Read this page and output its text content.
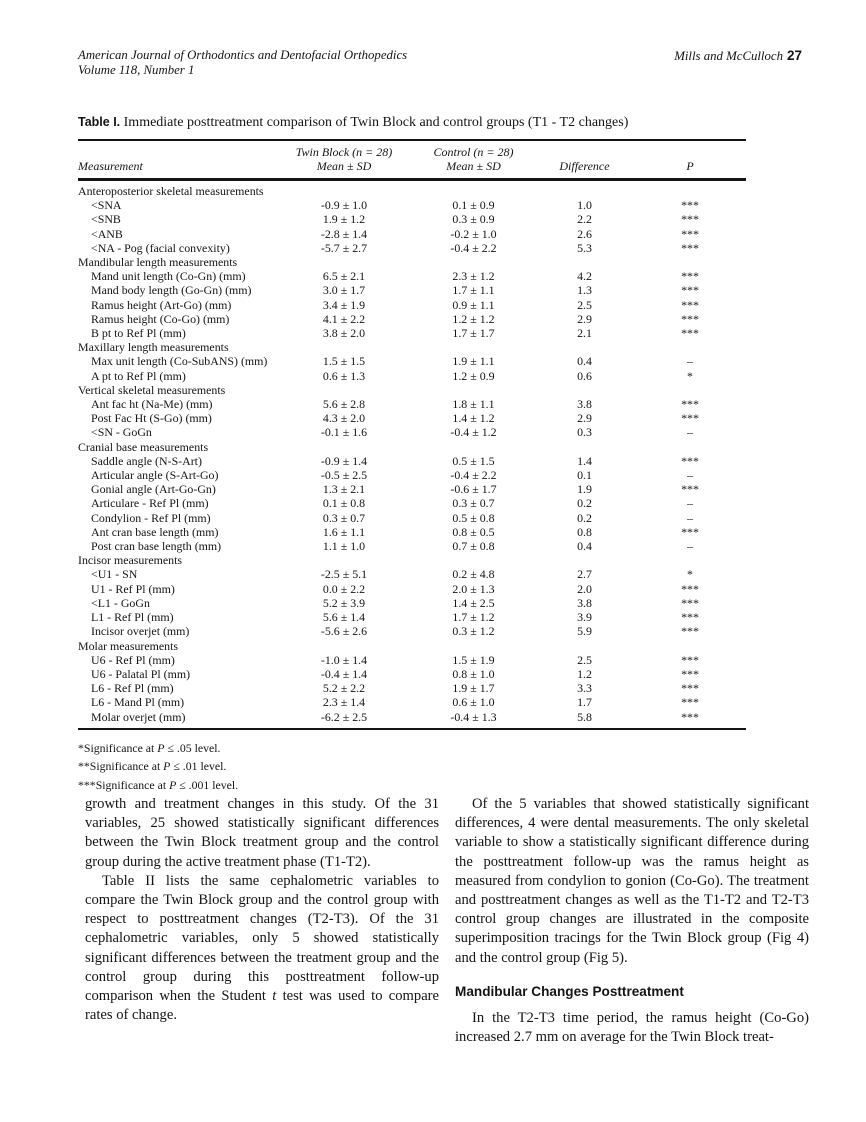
American Journal of Orthodontics and Dentofacial Orthopedics
Volume 118, Number 1
Mills and McCulloch 27
Table I. Immediate posttreatment comparison of Twin Block and control groups (T1 - T2 changes)
Measurement
Twin Block (n = 28)
Mean ± SD
Control (n = 28)
Mean ± SD	Difference	P
Anteroposterior skeletal measurements
<SNA	-0.9 ± 1.0	0.1 ± 0.9	1.0	***
<SNB	1.9 ± 1.2	0.3 ± 0.9	2.2	***
<ANB	-2.8 ± 1.4	-0.2 ± 1.0	2.6	***
<NA - Pog (facial convexity)	-5.7 ± 2.7	-0.4 ± 2.2	5.3	***
Mandibular length measurements
Mand unit length (Co-Gn) (mm)	6.5 ± 2.1	2.3 ± 1.2	4.2	***
Mand body length (Go-Gn) (mm)	3.0 ± 1.7	1.7 ± 1.1	1.3	***
Ramus height (Art-Go) (mm)	3.4 ± 1.9	0.9 ± 1.1	2.5	***
Ramus height (Co-Go) (mm)	4.1 ± 2.2	1.2 ± 1.2	2.9	***
B pt to Ref Pl (mm)	3.8 ± 2.0	1.7 ± 1.7	2.1	***
Maxillary length measurements
Max unit length (Co-SubANS) (mm)	1.5 ± 1.5	1.9 ± 1.1	0.4	–
A pt to Ref Pl (mm)	0.6 ± 1.3	1.2 ± 0.9	0.6	*
Vertical skeletal measurements
Ant fac ht (Na-Me) (mm)	5.6 ± 2.8	1.8 ± 1.1	3.8	***
Post Fac Ht (S-Go) (mm)	4.3 ± 2.0	1.4 ± 1.2	2.9	***
<SN - GoGn	-0.1 ± 1.6	-0.4 ± 1.2	0.3	–
Cranial base measurements
Saddle angle (N-S-Art)	-0.9 ± 1.4	0.5 ± 1.5	1.4	***
Articular angle (S-Art-Go)	-0.5 ± 2.5	-0.4 ± 2.2	0.1	–
Gonial angle (Art-Go-Gn)	1.3 ± 2.1	-0.6 ± 1.7	1.9	***
Articulare - Ref Pl (mm)	0.1 ± 0.8	0.3 ± 0.7	0.2	–
Condylion - Ref Pl (mm)	0.3 ± 0.7	0.5 ± 0.8	0.2	–
Ant cran base length (mm)	1.6 ± 1.1	0.8 ± 0.5	0.8	***
Post cran base length (mm)	1.1 ± 1.0	0.7 ± 0.8	0.4	–
Incisor measurements
<U1 - SN	-2.5 ± 5.1	0.2 ± 4.8	2.7	*
U1 - Ref Pl (mm)	0.0 ± 2.2	2.0 ± 1.3	2.0	***
<L1 - GoGn	5.2 ± 3.9	1.4 ± 2.5	3.8	***
L1 - Ref Pl (mm)	5.6 ± 1.4	1.7 ± 1.2	3.9	***
Incisor overjet (mm)	-5.6 ± 2.6	0.3 ± 1.2	5.9	***
Molar measurements
U6 - Ref Pl (mm)	-1.0 ± 1.4	1.5 ± 1.9	2.5	***
U6 - Palatal Pl (mm)	-0.4 ± 1.4	0.8 ± 1.0	1.2	***
L6 - Ref Pl (mm)	5.2 ± 2.2	1.9 ± 1.7	3.3	***
L6 - Mand Pl (mm)	2.3 ± 1.4	0.6 ± 1.0	1.7	***
Molar overjet (mm)	-6.2 ± 2.5	-0.4 ± 1.3	5.8	***
*Significance at P ≤ .05 level.
**Significance at P ≤ .01 level.
***Significance at P ≤ .001 level.

growth and treatment changes in this study. Of the 31 variables, 25 showed statistically significant differences between the Twin Block treatment group and the control group during the active treatment phase (T1-T2).

Table II lists the same cephalometric variables to compare the Twin Block group and the control group with respect to posttreatment changes (T2-T3). Of the 31 cephalometric variables, only 5 showed statistically significant differences between the treatment group and the control group during this posttreatment follow-up comparison when the Student t test was used to compare rates of change.

Of the 5 variables that showed statistically significant differences, 4 were dental measurements. The only skeletal variable to show a statistically significant difference during the posttreatment follow-up was the ramus height as measured from condylion to gonion (Co-Go). The treatment and posttreatment changes as well as the T1-T2 and T2-T3 control group changes are illustrated in the composite superimposition tracings for the Twin Block group (Fig 4) and the control group (Fig 5).

Mandibular Changes Posttreatment

In the T2-T3 time period, the ramus height (Co-Go) increased 2.7 mm on average for the Twin Block treat-
